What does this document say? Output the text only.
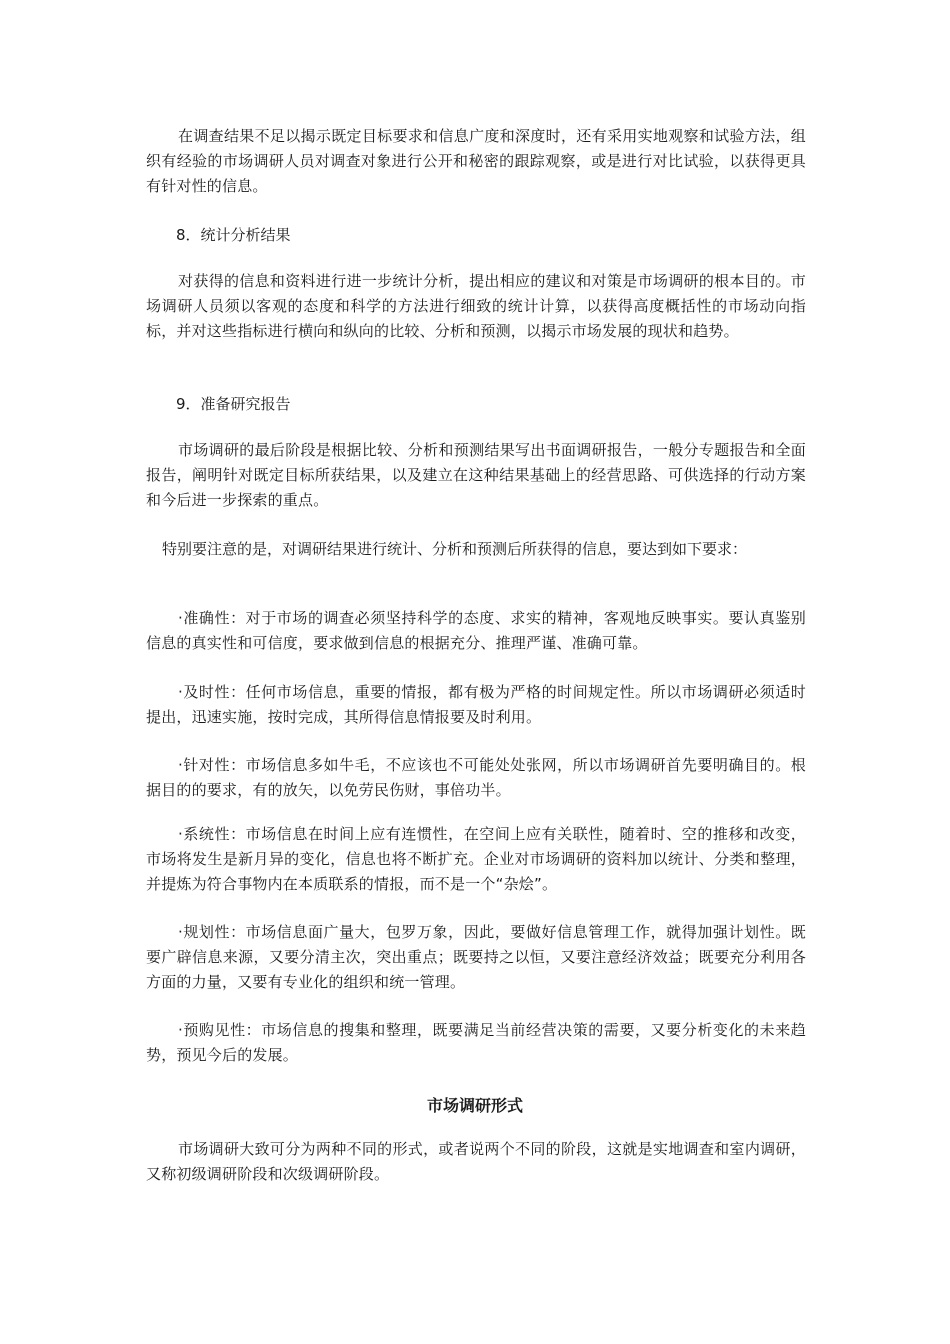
在调查结果不足以揭示既定目标要求和信息广度和深度时，还有采用实地观察和试验方法，组织有经验的市场调研人员对调查对象进行公开和秘密的跟踪观察，或是进行对比试验，以获得更具有针对性的信息。

8．统计分析结果

对获得的信息和资料进行进一步统计分析，提出相应的建议和对策是市场调研的根本目的。市场调研人员须以客观的态度和科学的方法进行细致的统计计算，以获得高度概括性的市场动向指标，并对这些指标进行横向和纵向的比较、分析和预测，以揭示市场发展的现状和趋势。

9．准备研究报告

市场调研的最后阶段是根据比较、分析和预测结果写出书面调研报告，一般分专题报告和全面报告，阐明针对既定目标所获结果，以及建立在这种结果基础上的经营思路、可供选择的行动方案和今后进一步探索的重点。

特别要注意的是，对调研结果进行统计、分析和预测后所获得的信息，要达到如下要求：

·准确性：对于市场的调查必须坚持科学的态度、求实的精神，客观地反映事实。要认真鉴别信息的真实性和可信度，要求做到信息的根据充分、推理严谨、准确可靠。

·及时性：任何市场信息，重要的情报，都有极为严格的时间规定性。所以市场调研必须适时提出，迅速实施，按时完成，其所得信息情报要及时利用。

·针对性：市场信息多如牛毛，不应该也不可能处处张网，所以市场调研首先要明确目的。根据目的的要求，有的放矢，以免劳民伤财，事倍功半。

·系统性：市场信息在时间上应有连惯性，在空间上应有关联性，随着时、空的推移和改变，市场将发生是新月异的变化，信息也将不断扩充。企业对市场调研的资料加以统计、分类和整理，并提炼为符合事物内在本质联系的情报，而不是一个“杂烩”。

·规划性：市场信息面广量大，包罗万象，因此，要做好信息管理工作，就得加强计划性。既要广辟信息来源，又要分清主次，突出重点；既要持之以恒，又要注意经济效益；既要充分利用各方面的力量，又要有专业化的组织和统一管理。

·预购见性：市场信息的搜集和整理，既要满足当前经营决策的需要，又要分析变化的未来趋势，预见今后的发展。

市场调研形式

市场调研大致可分为两种不同的形式，或者说两个不同的阶段，这就是实地调查和室内调研，又称初级调研阶段和次级调研阶段。
